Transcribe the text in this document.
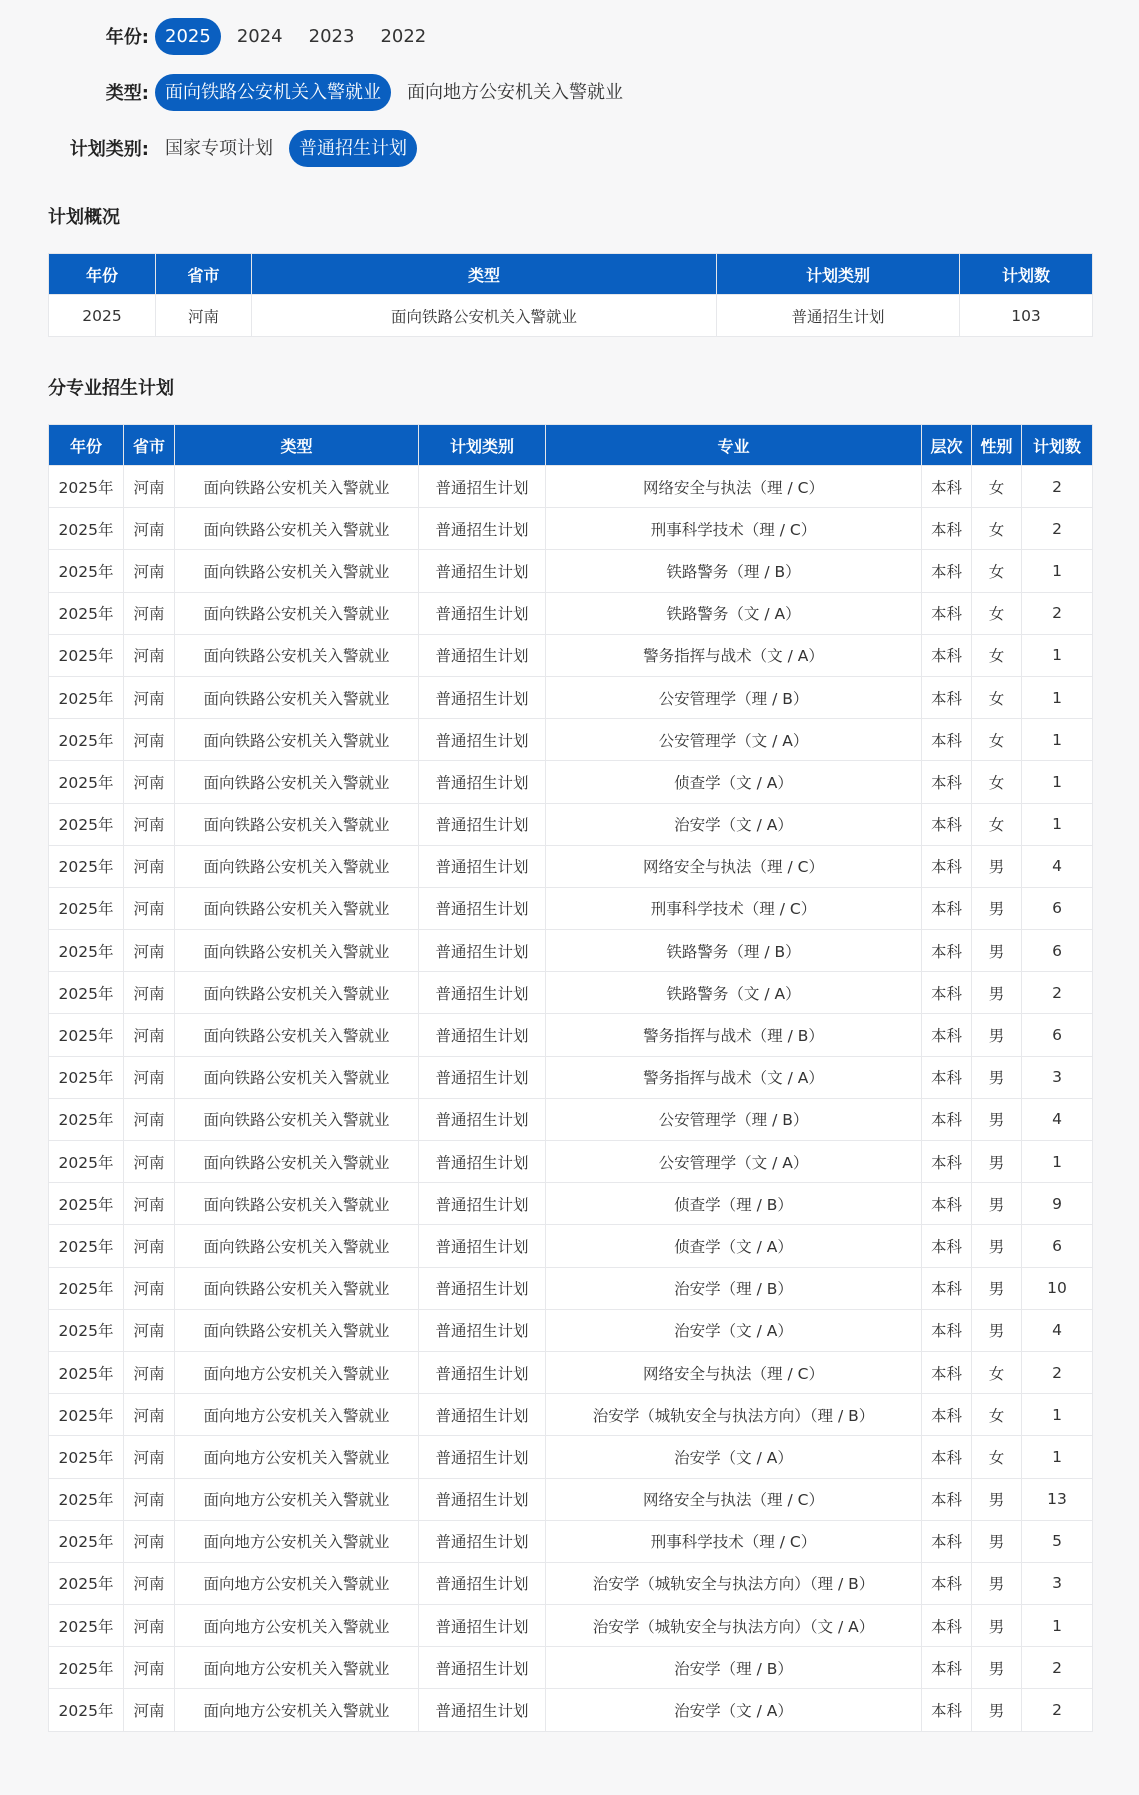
年份: 2025	2024	2023	2022
类型: 面向铁路公安机关入警就业	面向地方公安机关入警就业
计划类别: 国家专项计划	普通招生计划
计划概况
年份	省市	类型	计划类别	计划数
2025	河南	面向铁路公安机关入警就业	普通招生计划	103
分专业招生计划
年份	省市	类型	计划类别	专业	层次	性别	计划数
2025年	河南	面向铁路公安机关入警就业	普通招生计划	网络安全与执法（理 / C）	本科	女	2
2025年	河南	面向铁路公安机关入警就业	普通招生计划	刑事科学技术（理 / C）	本科	女	2
2025年	河南	面向铁路公安机关入警就业	普通招生计划	铁路警务（理 / B）	本科	女	1
2025年	河南	面向铁路公安机关入警就业	普通招生计划	铁路警务（文 / A）	本科	女	2
2025年	河南	面向铁路公安机关入警就业	普通招生计划	警务指挥与战术（文 / A）	本科	女	1
2025年	河南	面向铁路公安机关入警就业	普通招生计划	公安管理学（理 / B）	本科	女	1
2025年	河南	面向铁路公安机关入警就业	普通招生计划	公安管理学（文 / A）	本科	女	1
2025年	河南	面向铁路公安机关入警就业	普通招生计划	侦查学（文 / A）	本科	女	1
2025年	河南	面向铁路公安机关入警就业	普通招生计划	治安学（文 / A）	本科	女	1
2025年	河南	面向铁路公安机关入警就业	普通招生计划	网络安全与执法（理 / C）	本科	男	4
2025年	河南	面向铁路公安机关入警就业	普通招生计划	刑事科学技术（理 / C）	本科	男	6
2025年	河南	面向铁路公安机关入警就业	普通招生计划	铁路警务（理 / B）	本科	男	6
2025年	河南	面向铁路公安机关入警就业	普通招生计划	铁路警务（文 / A）	本科	男	2
2025年	河南	面向铁路公安机关入警就业	普通招生计划	警务指挥与战术（理 / B）	本科	男	6
2025年	河南	面向铁路公安机关入警就业	普通招生计划	警务指挥与战术（文 / A）	本科	男	3
2025年	河南	面向铁路公安机关入警就业	普通招生计划	公安管理学（理 / B）	本科	男	4
2025年	河南	面向铁路公安机关入警就业	普通招生计划	公安管理学（文 / A）	本科	男	1
2025年	河南	面向铁路公安机关入警就业	普通招生计划	侦查学（理 / B）	本科	男	9
2025年	河南	面向铁路公安机关入警就业	普通招生计划	侦查学（文 / A）	本科	男	6
2025年	河南	面向铁路公安机关入警就业	普通招生计划	治安学（理 / B）	本科	男	10
2025年	河南	面向铁路公安机关入警就业	普通招生计划	治安学（文 / A）	本科	男	4
2025年	河南	面向地方公安机关入警就业	普通招生计划	网络安全与执法（理 / C）	本科	女	2
2025年	河南	面向地方公安机关入警就业	普通招生计划	治安学（城轨安全与执法方向）（理 / B）	本科	女	1
2025年	河南	面向地方公安机关入警就业	普通招生计划	治安学（文 / A）	本科	女	1
2025年	河南	面向地方公安机关入警就业	普通招生计划	网络安全与执法（理 / C）	本科	男	13
2025年	河南	面向地方公安机关入警就业	普通招生计划	刑事科学技术（理 / C）	本科	男	5
2025年	河南	面向地方公安机关入警就业	普通招生计划	治安学（城轨安全与执法方向）（理 / B）	本科	男	3
2025年	河南	面向地方公安机关入警就业	普通招生计划	治安学（城轨安全与执法方向）（文 / A）	本科	男	1
2025年	河南	面向地方公安机关入警就业	普通招生计划	治安学（理 / B）	本科	男	2
2025年	河南	面向地方公安机关入警就业	普通招生计划	治安学（文 / A）	本科	男	2
